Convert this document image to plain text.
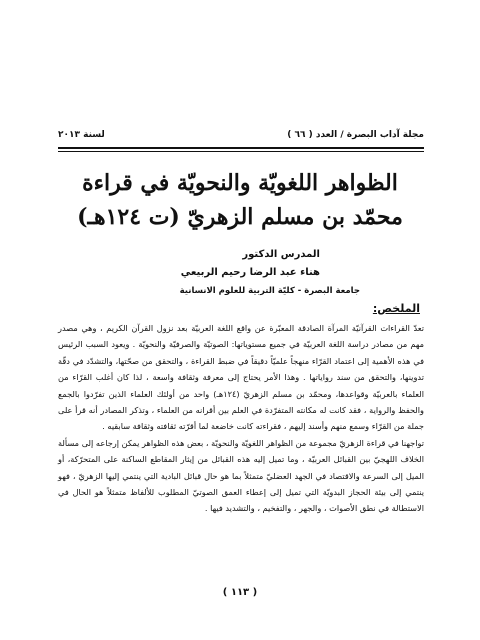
مجلة آداب البصرة / العدد ( ٦٦ )
لسنة ٢٠١٣
الظواهر اللغويّة والنحويّة في قراءة
محمّد بن مسلم الزهريّ (ت ١٢٤هـ)
المدرس الدكتور
هناء عبد الرضا رحيم الربيعي
جامعة البصرة - كليّة التربية للعلوم الانسانية
الملخص:

تعدّ القراءات القرآنيّة المرآة الصادقة المعبّرة عن واقع اللغة العربيّة بعد نزول القرآن الكريم ، وهي مصدر مهم من مصادر دراسة اللغة العربيّة في جميع مستوياتها: الصوتيّة والصرفيّة والنحويّة . ويعود السبب الرئيس في هذه الأهمية إلى اعتماد القرّاء منهجاً علميّاً دقيقاً في ضبط القراءة ، والتحقق من صحّتها، والتشدّد في دقّة تدوينها، والتحقق من سند رواياتها . وهذا الأمر يحتاج إلى معرفة وثقافة واسعة ، لذا كان أغلب القرّاء من العلماء بالعربيّة وقواعدها، ومحمّد بن مسلم الزهريّ (١٢٤هـ) واحد من أولئك العلماء الذين تفرّدوا بالجمع والحفظ والرواية ، فقد كانت له مكانته المتفرّدة في العلم بين أقرانه من العلماء ، وتذكر المصادر أنه قرأ على جملة من القرّاء وسمع منهم وأسند إليهم ، فقراءته كانت خاضعة لما أقرّته ثقافته وثقافة سابقيه .

تواجهنا في قراءة الزهريّ مجموعة من الظواهر اللغويّة والنحويّة ، بعض هذه الظواهر يمكن إرجاعه إلى مسألة الخلاف اللهجيّ بين القبائل العربيّة ، وما تميل إليه هذه القبائل من إيثار المقاطع الساكنة على المتحرّكة، أو الميل إلى السرعة والاقتصاد في الجهد العضليّ متمثلاً بما هو حال قبائل البادية التي ينتمي إليها الزهريّ ، فهو ينتمي إلى بيئة الحجاز البدويّة التي تميل إلى إعطاء العمق الصوتيّ المطلوب للألفاظ متمثلاً هو الحال في الاستطالة في نطق الأصوات ، والجهر ، والتفخيم ، والتشديد فيها .

( ١١٣ )
